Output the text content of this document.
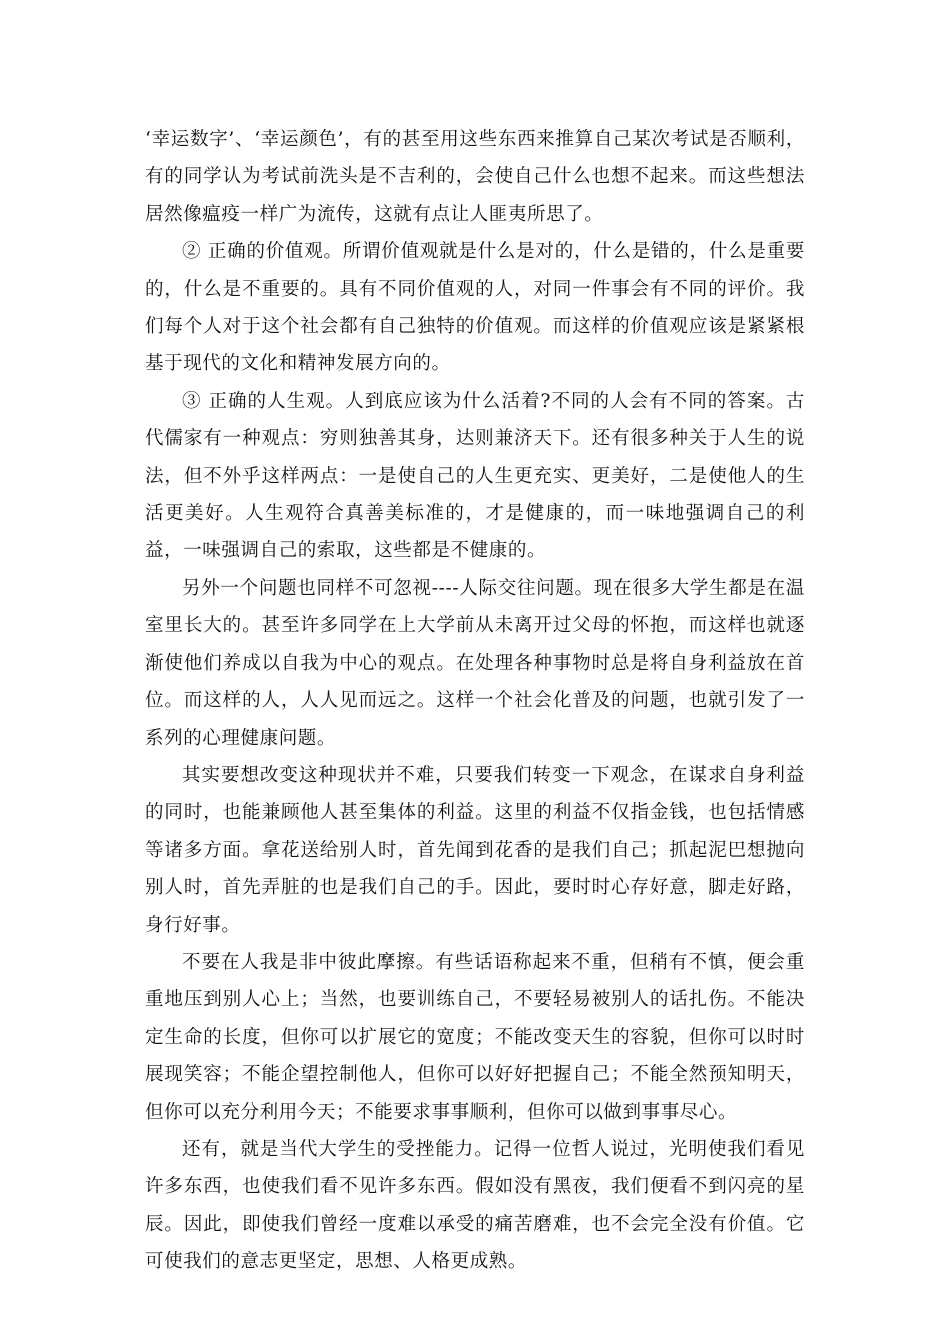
‘幸运数字’、‘幸运颜色’，有的甚至用这些东西来推算自己某次考试是否顺利，有的同学认为考试前洗头是不吉利的，会使自己什么也想不起来。而这些想法居然像瘟疫一样广为流传，这就有点让人匪夷所思了。

② 正确的价值观。所谓价值观就是什么是对的，什么是错的，什么是重要的，什么是不重要的。具有不同价值观的人，对同一件事会有不同的评价。我们每个人对于这个社会都有自己独特的价值观。而这样的价值观应该是紧紧根基于现代的文化和精神发展方向的。

③ 正确的人生观。人到底应该为什么活着?不同的人会有不同的答案。古代儒家有一种观点：穷则独善其身，达则兼济天下。还有很多种关于人生的说法，但不外乎这样两点：一是使自己的人生更充实、更美好，二是使他人的生活更美好。人生观符合真善美标准的，才是健康的，而一味地强调自己的利益，一味强调自己的索取，这些都是不健康的。

另外一个问题也同样不可忽视----人际交往问题。现在很多大学生都是在温室里长大的。甚至许多同学在上大学前从未离开过父母的怀抱，而这样也就逐渐使他们养成以自我为中心的观点。在处理各种事物时总是将自身利益放在首位。而这样的人，人人见而远之。这样一个社会化普及的问题，也就引发了一系列的心理健康问题。

其实要想改变这种现状并不难，只要我们转变一下观念，在谋求自身利益的同时，也能兼顾他人甚至集体的利益。这里的利益不仅指金钱，也包括情感等诸多方面。拿花送给别人时，首先闻到花香的是我们自己；抓起泥巴想抛向别人时，首先弄脏的也是我们自己的手。因此，要时时心存好意，脚走好路，身行好事。

不要在人我是非中彼此摩擦。有些话语称起来不重，但稍有不慎，便会重重地压到别人心上；当然，也要训练自己，不要轻易被别人的话扎伤。不能决定生命的长度，但你可以扩展它的宽度；不能改变天生的容貌，但你可以时时展现笑容；不能企望控制他人，但你可以好好把握自己；不能全然预知明天，但你可以充分利用今天；不能要求事事顺利，但你可以做到事事尽心。

还有，就是当代大学生的受挫能力。记得一位哲人说过，光明使我们看见许多东西，也使我们看不见许多东西。假如没有黑夜，我们便看不到闪亮的星辰。因此，即使我们曾经一度难以承受的痛苦磨难，也不会完全没有价值。它可使我们的意志更坚定，思想、人格更成熟。
